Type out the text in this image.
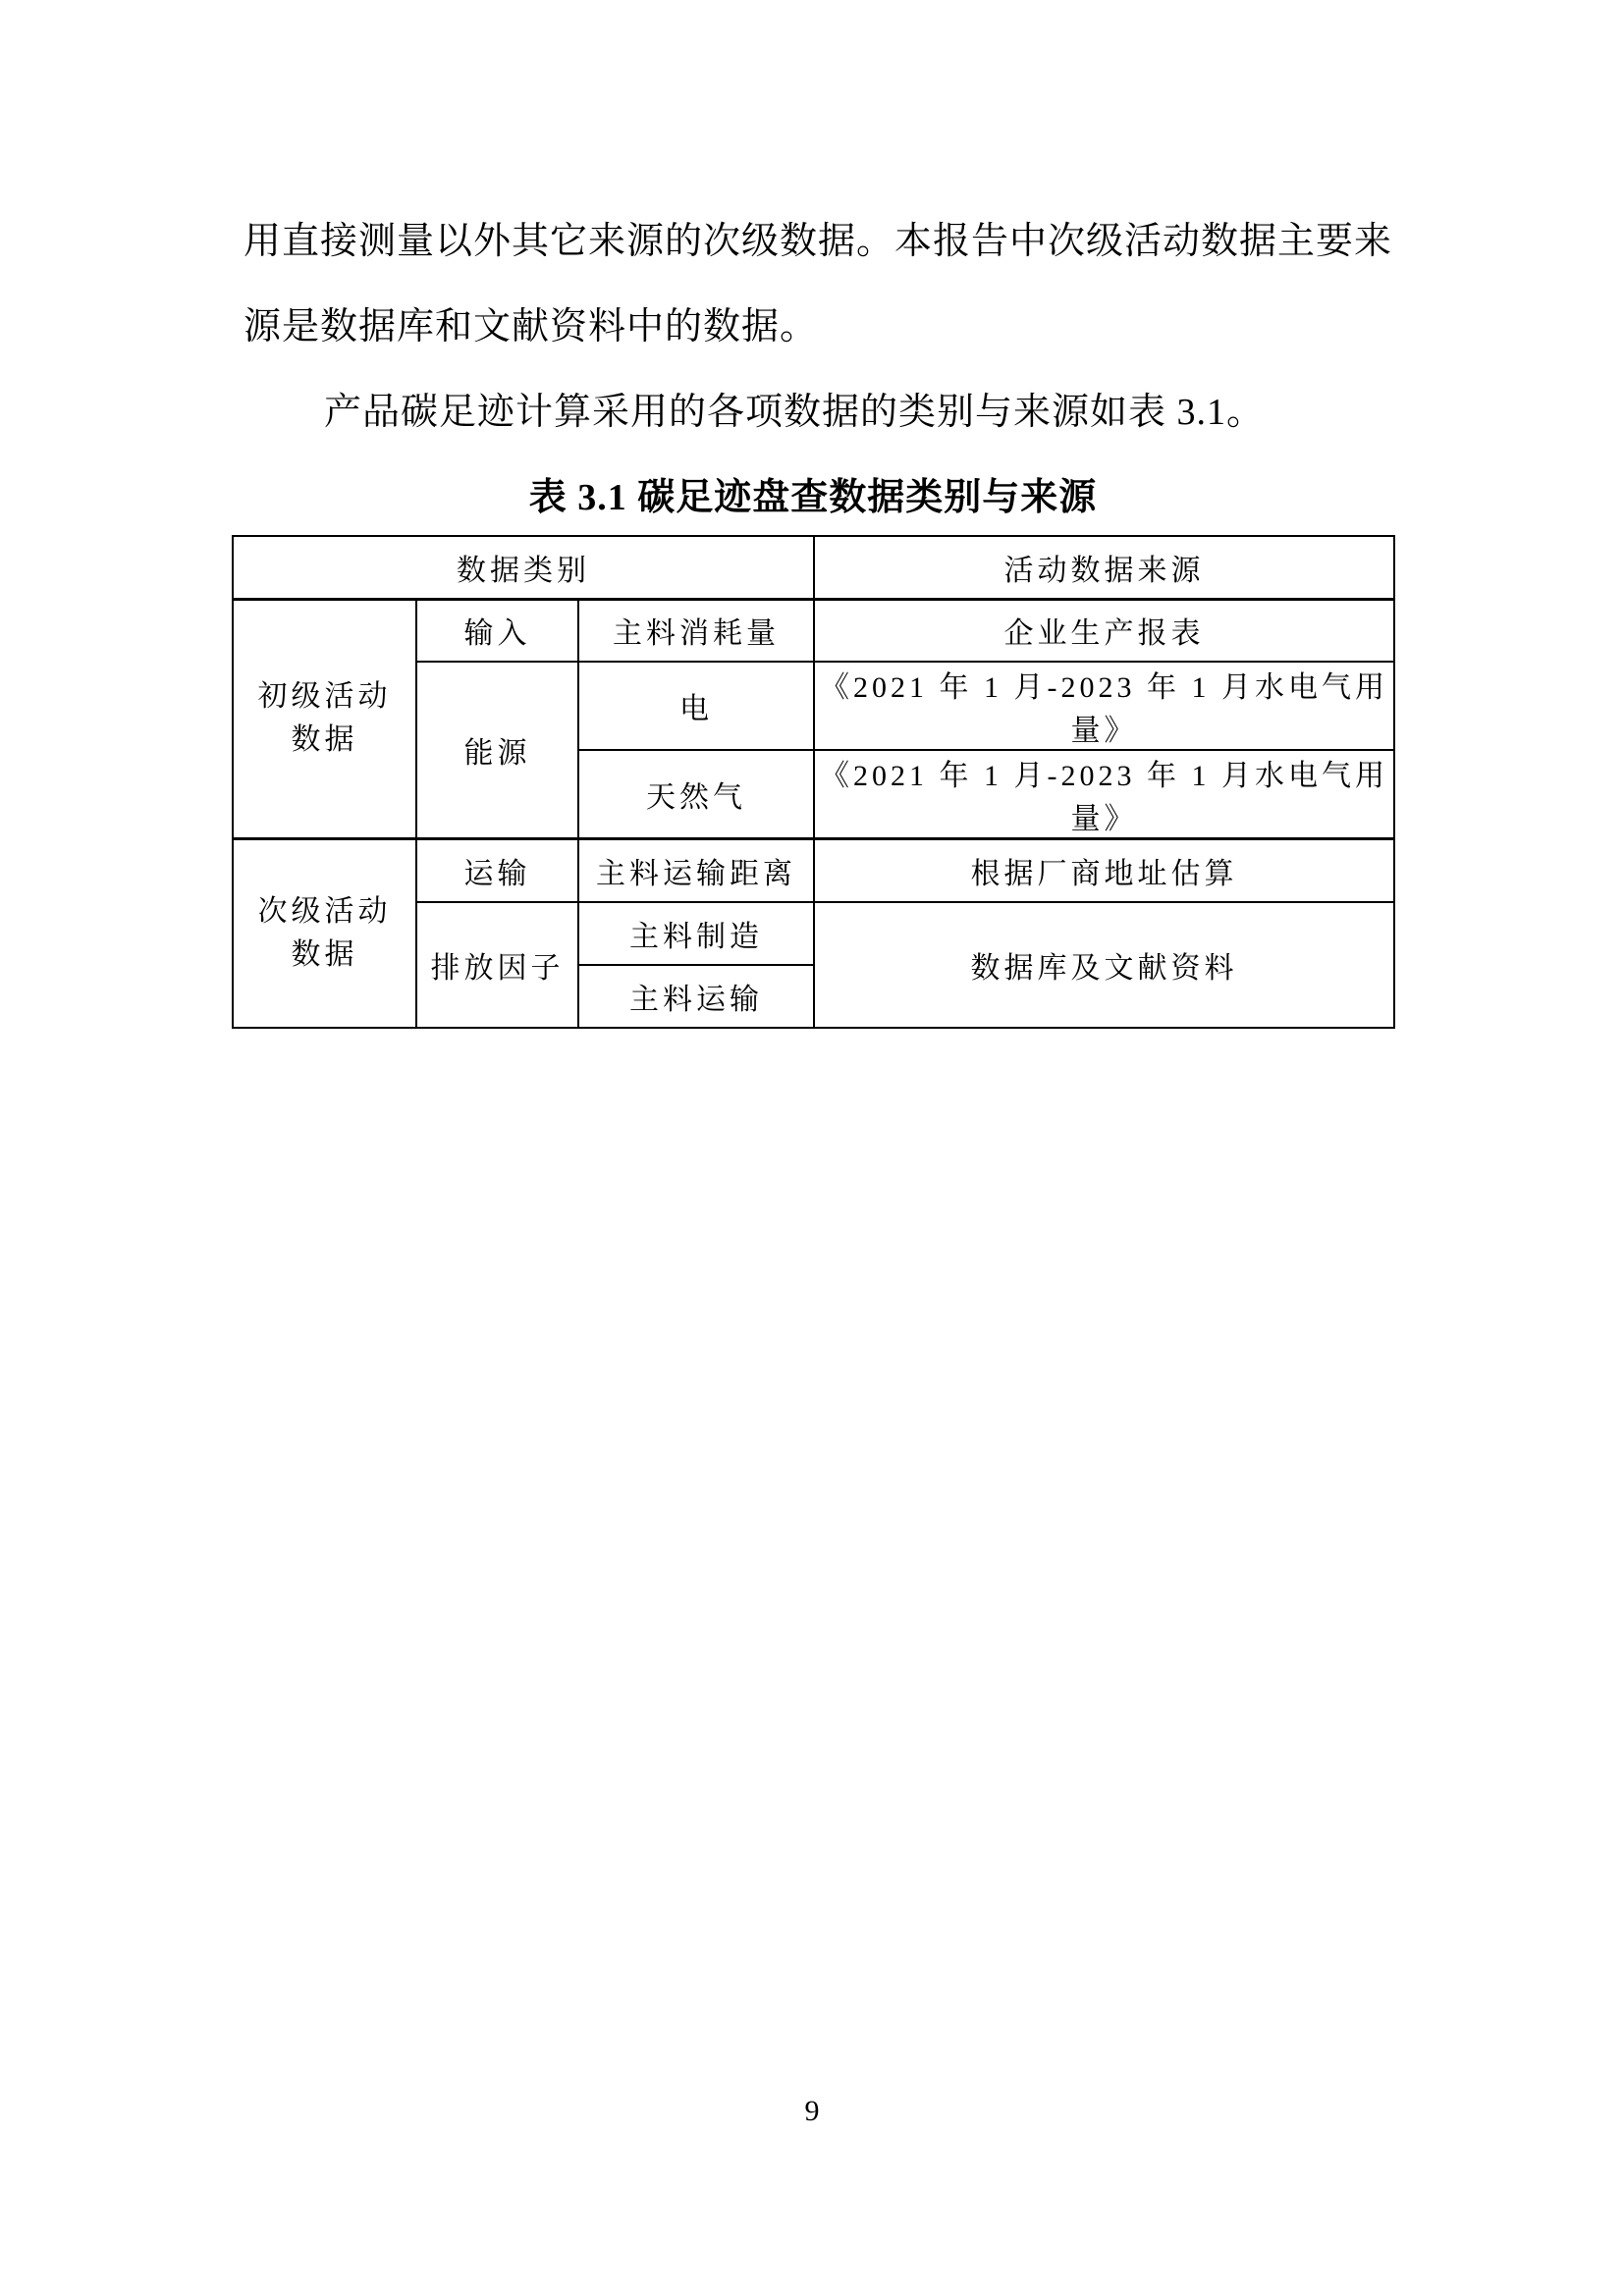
用直接测量以外其它来源的次级数据。本报告中次级活动数据主要来

源是数据库和文献资料中的数据。

产品碳足迹计算采用的各项数据的类别与来源如表 3.1。

表 3.1 碳足迹盘查数据类别与来源

数据类别			活动数据来源

初级活动
数据	输入	主料消耗量	企业生产报表
	能源	电	《2021 年 1 月-2023 年 1 月水电气用量》
		天然气	《2021 年 1 月-2023 年 1 月水电气用量》

次级活动
数据	运输	主料运输距离	根据厂商地址估算
	排放因子	主料制造	数据库及文献资料
		主料运输	
9
